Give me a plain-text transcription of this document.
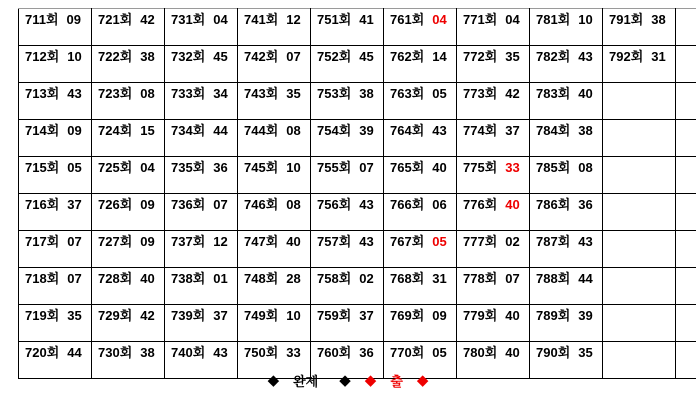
711회 09	721회 42	731회 04	741회 12	751회 41	761회 04	771회 04	781회 10	791회 38	
712회 10	722회 38	732회 45	742회 07	752회 45	762회 14	772회 35	782회 43	792회 31	
713회 43	723회 08	733회 34	743회 35	753회 38	763회 05	773회 42	783회 40		
714회 09	724회 15	734회 44	744회 08	754회 39	764회 43	774회 37	784회 38		
715회 05	725회 04	735회 36	745회 10	755회 07	765회 40	775회 33	785회 08		
716회 37	726회 09	736회 07	746회 08	756회 43	766회 06	776회 40	786회 36		
717회 07	727회 09	737회 12	747회 40	757회 43	767회 05	777회 02	787회 43		
718회 07	728회 40	738회 01	748회 28	758회 02	768회 31	778회 07	788회 44		
719회 35	729회 42	739회 37	749회 10	759회 37	769회 09	779회 40	789회 39		
720회 44	730회 38	740회 43	750회 33	760회 36	770회 05	780회 40	790회 35		
◆ 완제 ◆ ◆ 출 ◆
